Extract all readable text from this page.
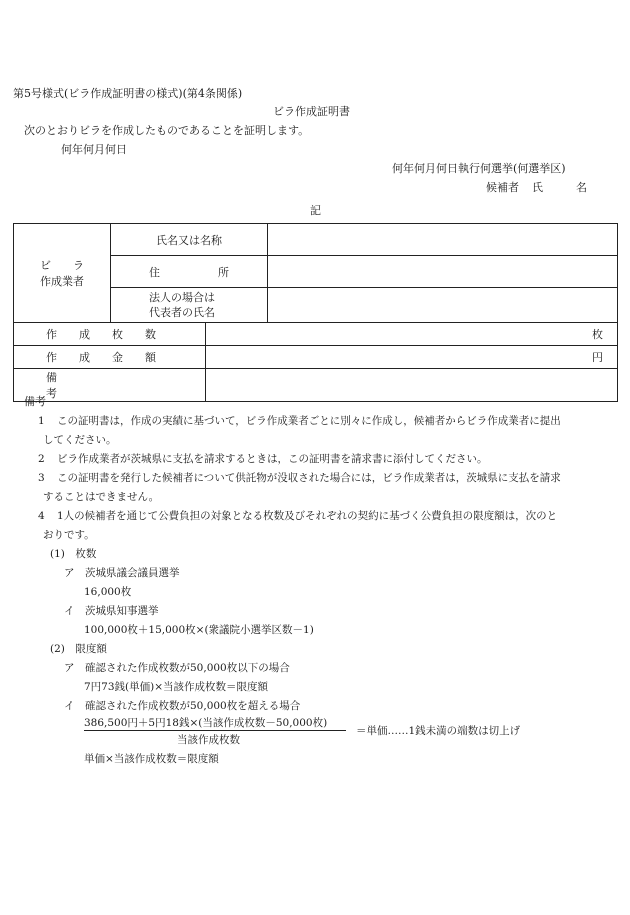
第5号様式(ビラ作成証明書の様式)(第4条関係)
ビラ作成証明書
次のとおりビラを作成したものであることを証明します。
何年何月何日
何年何月何日執行何選挙(何選挙区)
候補者 氏　　　名
記
ビ　　ラ
作成業者	氏名又は名称		
	住 所		

	法人の場合は
代表者の氏名		

作　　成　　枚　　数		枚	
作　　成　　金　　額		円	
備考			
備考
1 この証明書は，作成の実績に基づいて，ビラ作成業者ごとに別々に作成し，候補者からビラ作成業者に提出
してください。
2 ビラ作成業者が茨城県に支払を請求するときは，この証明書を請求書に添付してください。
3 この証明書を発行した候補者について供託物が没収された場合には，ビラ作成業者は，茨城県に支払を請求
することはできません。
4 1人の候補者を通じて公費負担の対象となる枚数及びそれぞれの契約に基づく公費負担の限度額は，次のと
おりです。
(1)　枚数
ア　茨城県議会議員選挙
16,000枚
イ　茨城県知事選挙
100,000枚＋15,000枚×(衆議院小選挙区数－1)
(2)　限度額
ア　確認された作成枚数が50,000枚以下の場合
7円73銭(単価)×当該作成枚数＝限度額
イ　確認された作成枚数が50,000枚を超える場合
386,500円＋5円18銭×(当該作成枚数－50,000枚)
当該作成枚数
＝単価……1銭未満の端数は切上げ
単価×当該作成枚数＝限度額
